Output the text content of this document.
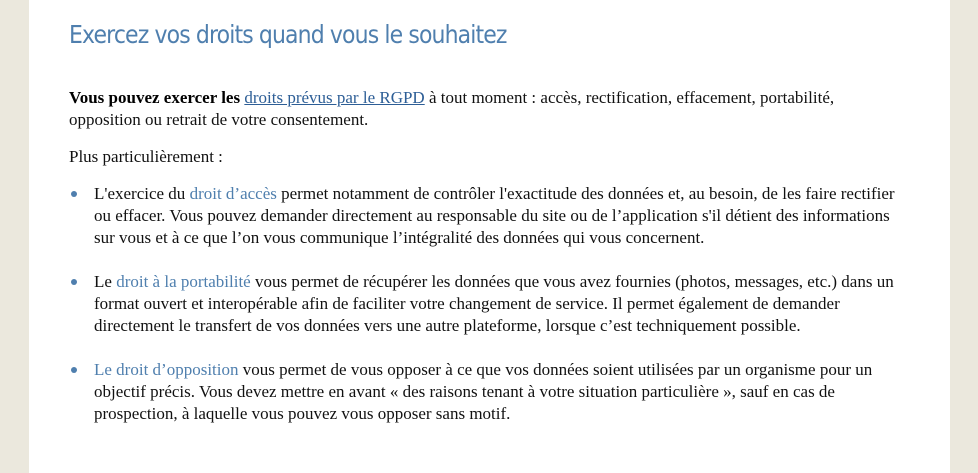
Exercez vos droits quand vous le souhaitez

Vous pouvez exercer les droits prévus par le RGPD à tout moment : accès, rectification, effacement, portabilité, opposition ou retrait de votre consentement.

Plus particulièrement :

L'exercice du droit d’accès permet notamment de contrôler l'exactitude des données et, au besoin, de les faire rectifier ou effacer. Vous pouvez demander directement au responsable du site ou de l’application s'il détient des informations sur vous et à ce que l’on vous communique l’intégralité des données qui vous concernent.
Le droit à la portabilité vous permet de récupérer les données que vous avez fournies (photos, messages, etc.) dans un format ouvert et interopérable afin de faciliter votre changement de service. Il permet également de demander directement le transfert de vos données vers une autre plateforme, lorsque c’est techniquement possible.
Le droit d’opposition vous permet de vous opposer à ce que vos données soient utilisées par un organisme pour un objectif précis. Vous devez mettre en avant « des raisons tenant à votre situation particulière », sauf en cas de prospection, à laquelle vous pouvez vous opposer sans motif.
